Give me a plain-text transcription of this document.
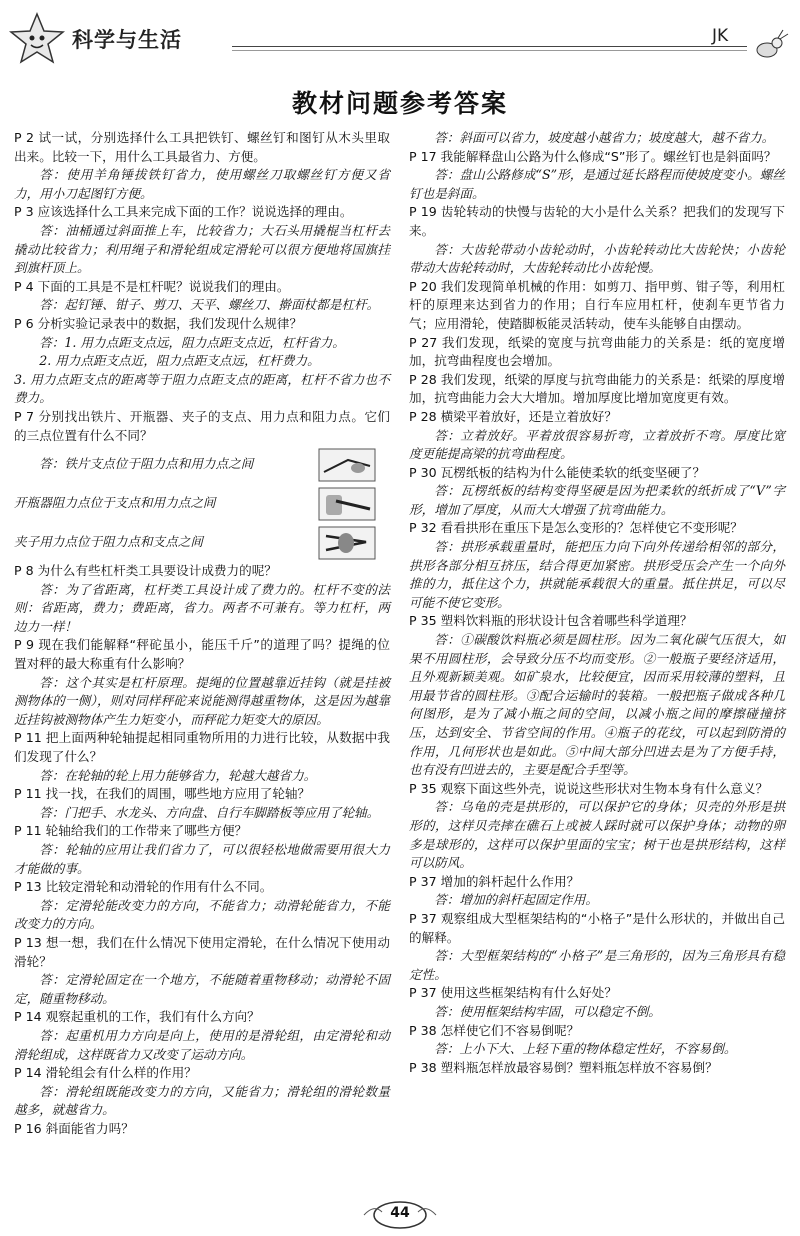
科学与生活	JK
教材问题参考答案

P 2 试一试，分别选择什么工具把铁钉、螺丝钉和图钉从木头里取出来。比较一下，用什么工具最省力、方便。

答：使用羊角锤拔铁钉省力，使用螺丝刀取螺丝钉方便又省力，用小刀起图钉方便。

P 3 应该选择什么工具来完成下面的工作？说说选择的理由。

答：油桶通过斜面推上车，比较省力；大石头用撬棍当杠杆去撬动比较省力；利用绳子和滑轮组成定滑轮可以很方便地将国旗挂到旗杆顶上。

P 4 下面的工具是不是杠杆呢？说说我们的理由。

答：起钉锤、钳子、剪刀、天平、螺丝刀、擀面杖都是杠杆。

P 6 分析实验记录表中的数据，我们发现什么规律？

答：1. 用力点距支点远，阻力点距支点近，杠杆省力。

2. 用力点距支点近，阻力点距支点远，杠杆费力。

3. 用力点距支点的距离等于阻力点距支点的距离，杠杆不省力也不费力。

P 7 分别找出铁片、开瓶器、夹子的支点、用力点和阻力点。它们的三点位置有什么不同？

答：铁片支点位于阻力点和用力点之间
开瓶器阻力点位于支点和用力点之间
夹子用力点位于阻力点和支点之间

P 8 为什么有些杠杆类工具要设计成费力的呢？

答：为了省距离，杠杆类工具设计成了费力的。杠杆不变的法则：省距离，费力；费距离，省力。两者不可兼有。等力杠杆，两边力一样！

P 9 现在我们能解释“秤砣虽小，能压千斤”的道理了吗？提绳的位置对秤的最大称重有什么影响？

答：这个其实是杠杆原理。提绳的位置越靠近挂钩（就是挂被测物体的一侧），则对同样秤砣来说能测得越重物体，这是因为越靠近挂钩被测物体产生力矩变小，而秤砣力矩变大的原因。

P 11 把上面两种轮轴提起相同重物所用的力进行比较，从数据中我们发现了什么？

答：在轮轴的轮上用力能够省力，轮越大越省力。

P 11 找一找，在我们的周围，哪些地方应用了轮轴？

答：门把手、水龙头、方向盘、自行车脚踏板等应用了轮轴。

P 11 轮轴给我们的工作带来了哪些方便？

答：轮轴的应用让我们省力了，可以很轻松地做需要用很大力才能做的事。

P 13 比较定滑轮和动滑轮的作用有什么不同。

答：定滑轮能改变力的方向，不能省力；动滑轮能省力，不能改变力的方向。

P 13 想一想，我们在什么情况下使用定滑轮，在什么情况下使用动滑轮？

答：定滑轮固定在一个地方，不能随着重物移动；动滑轮不固定，随重物移动。

P 14 观察起重机的工作，我们有什么方向？

答：起重机用力方向是向上，使用的是滑轮组，由定滑轮和动滑轮组成，这样既省力又改变了运动方向。

P 14 滑轮组会有什么样的作用？

答：滑轮组既能改变力的方向，又能省力；滑轮组的滑轮数量越多，就越省力。

P 16 斜面能省力吗？

答：斜面可以省力，坡度越小越省力；坡度越大，越不省力。

P 17 我能解释盘山公路为什么修成“S”形了。螺丝钉也是斜面吗？

答：盘山公路修成“S”形，是通过延长路程而使坡度变小。螺丝钉也是斜面。

P 19 齿轮转动的快慢与齿轮的大小是什么关系？把我们的发现写下来。

答：大齿轮带动小齿轮动时，小齿轮转动比大齿轮快；小齿轮带动大齿轮转动时，大齿轮转动比小齿轮慢。

P 20 我们发现简单机械的作用：如剪刀、指甲剪、钳子等，利用杠杆的原理来达到省力的作用；自行车应用杠杆，使刹车更节省力气；应用滑轮，使踏脚板能灵活转动，使车头能够自由摆动。

P 27 我们发现，纸梁的宽度与抗弯曲能力的关系是：纸的宽度增加，抗弯曲程度也会增加。

P 28 我们发现，纸梁的厚度与抗弯曲能力的关系是：纸梁的厚度增加，抗弯曲能力会大大增加。增加厚度比增加宽度更有效。

P 28 横梁平着放好，还是立着放好？

答：立着放好。平着放很容易折弯，立着放折不弯。厚度比宽度更能提高梁的抗弯曲程度。

P 30 瓦楞纸板的结构为什么能使柔软的纸变坚硬了？

答：瓦楞纸板的结构变得坚硬是因为把柔软的纸折成了“V”字形，增加了厚度，从而大大增强了抗弯曲能力。

P 32 看看拱形在重压下是怎么变形的？怎样使它不变形呢？

答：拱形承载重量时，能把压力向下向外传递给相邻的部分，拱形各部分相互挤压，结合得更加紧密。拱形受压会产生一个向外推的力，抵住这个力，拱就能承载很大的重量。抵住拱足，可以尽可能不使它变形。

P 35 塑料饮料瓶的形状设计包含着哪些科学道理？

答：①碳酸饮料瓶必须是圆柱形。因为二氧化碳气压很大，如果不用圆柱形，会导致分压不均而变形。②一般瓶子要经济适用，且外观新颖美观。如矿泉水，比较便宜，因而采用较薄的塑料，且用最节省的圆柱形。③配合运输时的装箱。一般把瓶子做成各种几何图形，是为了减小瓶之间的空间，以减小瓶之间的摩擦碰撞挤压，达到安全、节省空间的作用。④瓶子的花纹，可以起到防滑的作用，几何形状也是如此。⑤中间大部分凹进去是为了方便手持，也有没有凹进去的，主要是配合手型等。

P 35 观察下面这些外壳，说说这些形状对生物本身有什么意义？

答：乌龟的壳是拱形的，可以保护它的身体；贝壳的外形是拱形的，这样贝壳摔在礁石上或被人踩时就可以保护身体；动物的卵多是球形的，这样可以保护里面的宝宝；树干也是拱形结构，这样可以防风。

P 37 增加的斜杆起什么作用？

答：增加的斜杆起固定作用。

P 37 观察组成大型框架结构的“小格子”是什么形状的，并做出自己的解释。

答：大型框架结构的“小格子”是三角形的，因为三角形具有稳定性。

P 37 使用这些框架结构有什么好处？

答：使用框架结构牢固，可以稳定不倒。

P 38 怎样使它们不容易倒呢？

答：上小下大、上轻下重的物体稳定性好，不容易倒。

P 38 塑料瓶怎样放最容易倒？塑料瓶怎样放不容易倒？

44
